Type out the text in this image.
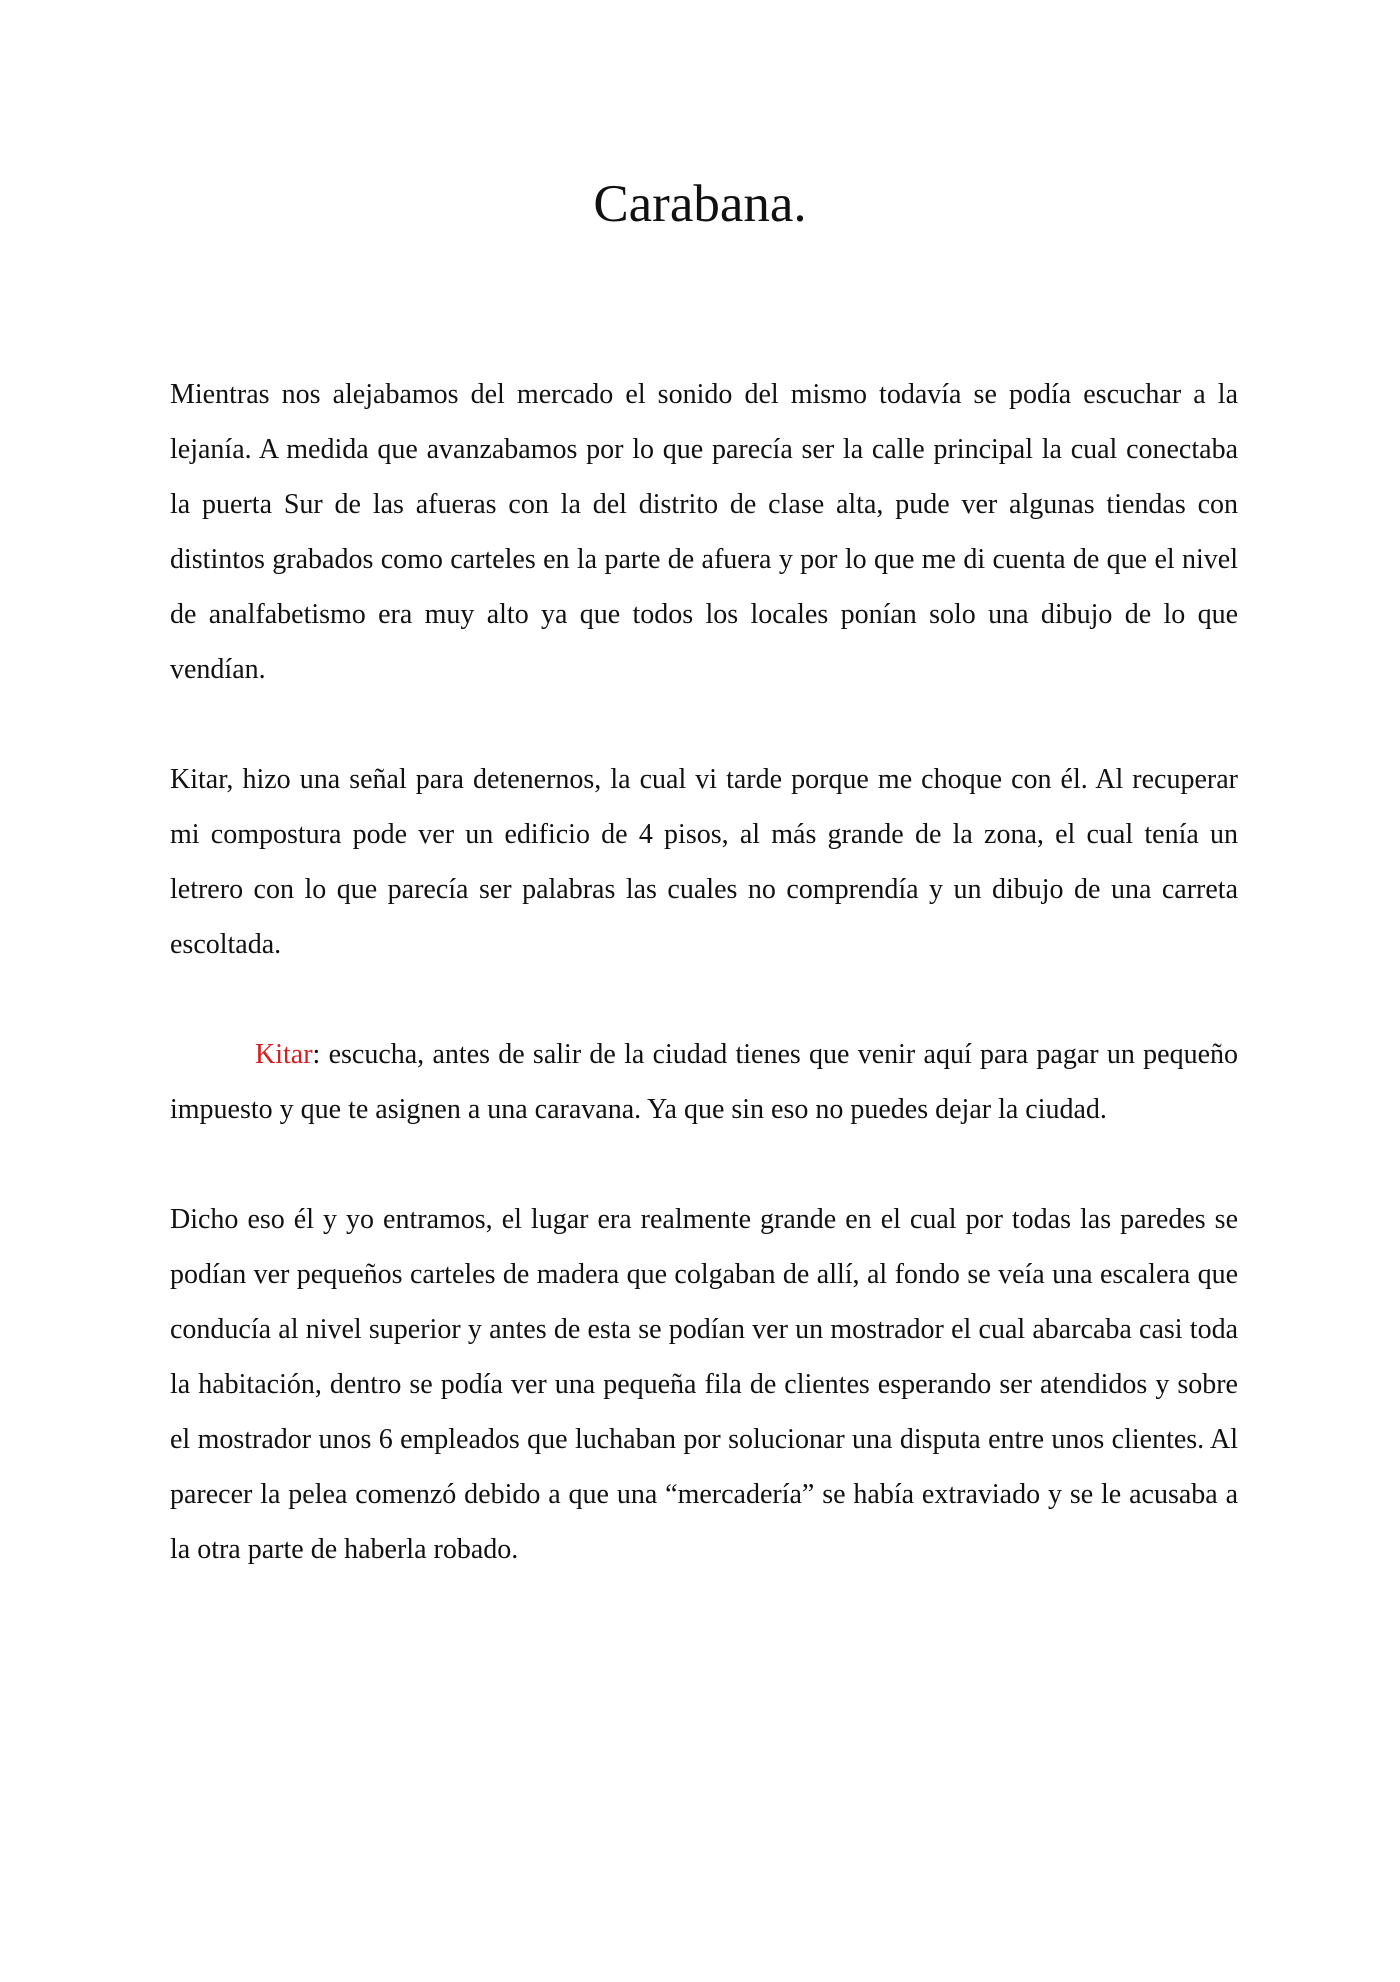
Carabana.

Mientras nos alejabamos del mercado el sonido del mismo todavía se podía escuchar a la lejanía. A medida que avanzabamos por lo que parecía ser la calle principal la cual conectaba la puerta Sur de las afueras con la del distrito de clase alta, pude ver algunas tiendas con distintos grabados como carteles en la parte de afuera y por lo que me di cuenta de que el nivel de analfabetismo era muy alto ya que todos los locales ponían solo una dibujo de lo que vendían.

Kitar, hizo una señal para detenernos, la cual vi tarde porque me choque con él. Al recuperar mi compostura pode ver un edificio de 4 pisos, al más grande de la zona, el cual tenía un letrero con lo que parecía ser palabras las cuales no comprendía y un dibujo de una carreta escoltada.

Kitar: escucha, antes de salir de la ciudad tienes que venir aquí para pagar un pequeño impuesto y que te asignen a una caravana. Ya que sin eso no puedes dejar la ciudad.

Dicho eso él y yo entramos, el lugar era realmente grande en el cual por todas las paredes se podían ver pequeños carteles de madera que colgaban de allí, al fondo se veía una escalera que conducía al nivel superior y antes de esta se podían ver un mostrador el cual abarcaba casi toda la habitación, dentro se podía ver una pequeña fila de clientes esperando ser atendidos y sobre el mostrador unos 6 empleados que luchaban por solucionar una disputa entre unos clientes. Al parecer la pelea comenzó debido a que una “mercadería” se había extraviado y se le acusaba a la otra parte de haberla robado.
